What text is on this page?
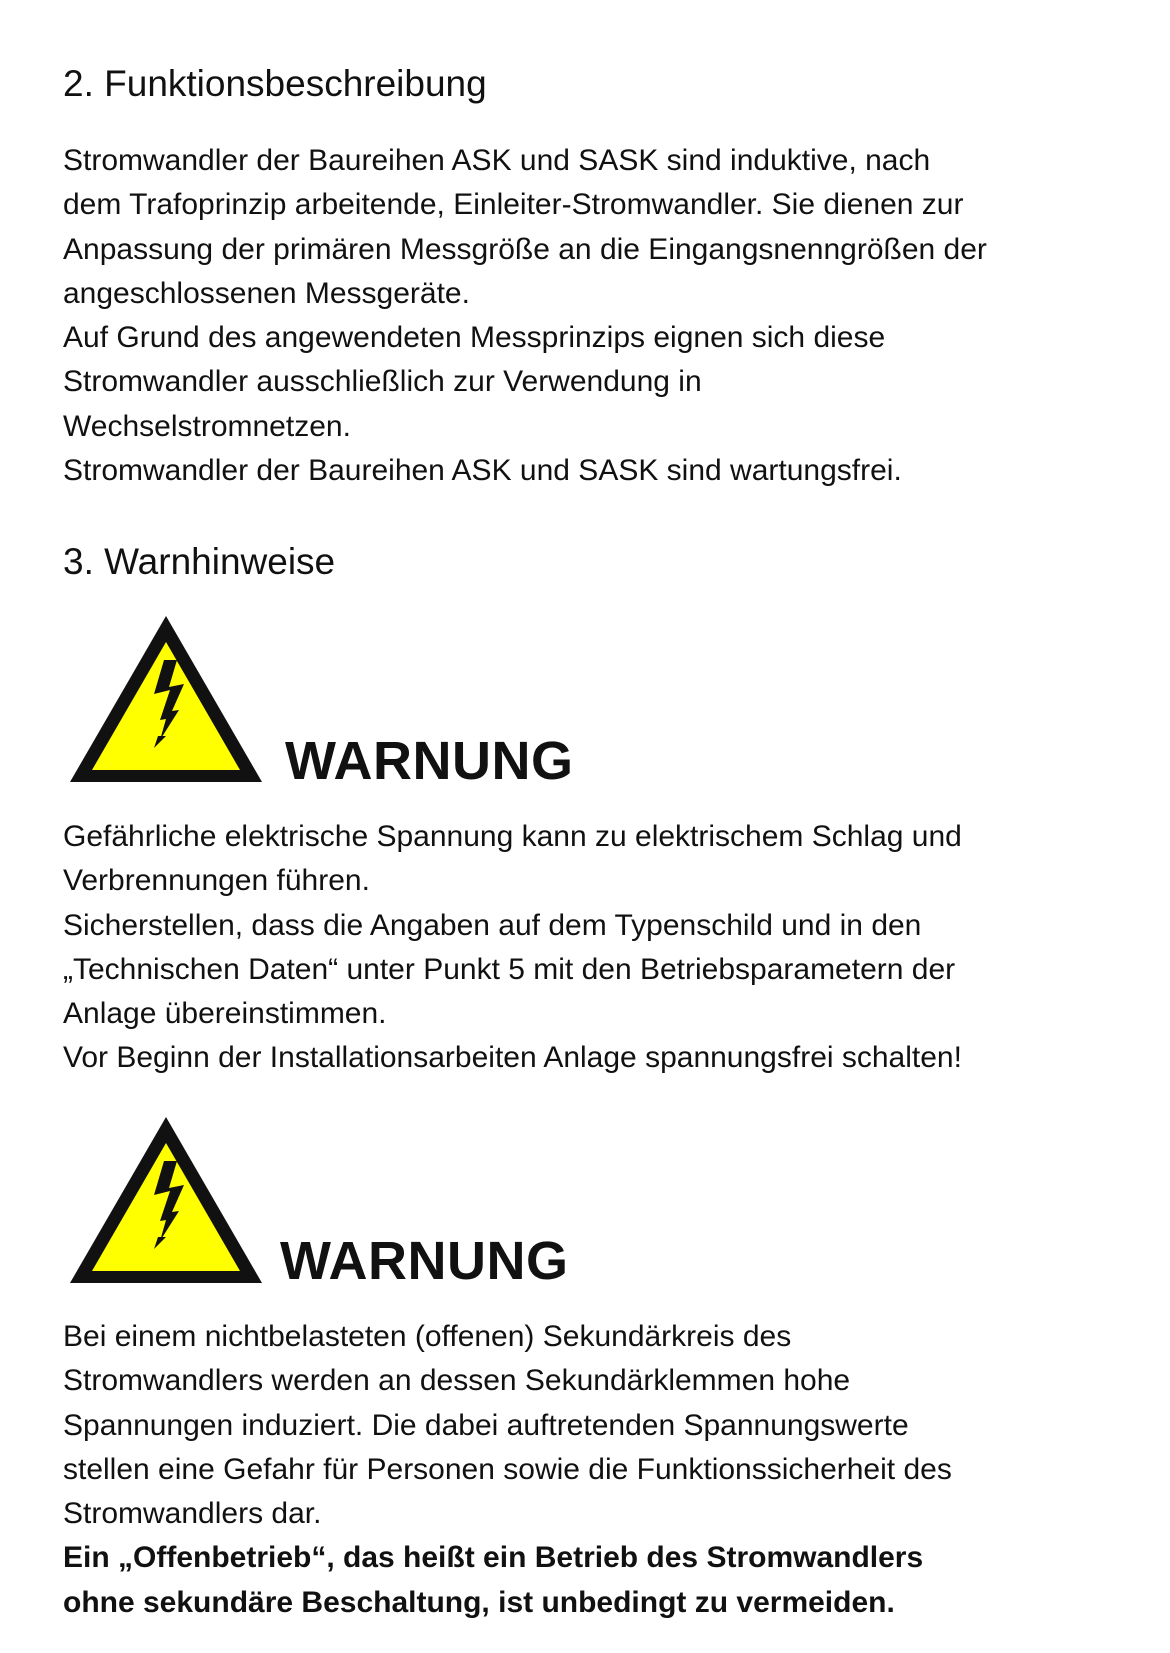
2. Funktionsbeschreibung
Stromwandler der Baureihen ASK und SASK sind induktive, nach
dem Trafoprinzip arbeitende, Einleiter-Stromwandler. Sie dienen zur
Anpassung der primären Messgröße an die Eingangsnenngrößen der
angeschlossenen Messgeräte.
Auf Grund des angewendeten Messprinzips eignen sich diese
Stromwandler ausschließlich zur Verwendung in
Wechselstromnetzen.
Stromwandler der Baureihen ASK und SASK sind wartungsfrei.
3. Warnhinweise
WARNUNG
Gefährliche elektrische Spannung kann zu elektrischem Schlag und
Verbrennungen führen.
Sicherstellen, dass die Angaben auf dem Typenschild und in den
„Technischen Daten“ unter Punkt 5 mit den Betriebsparametern der
Anlage übereinstimmen.
Vor Beginn der Installationsarbeiten Anlage spannungsfrei schalten!
WARNUNG
Bei einem nichtbelasteten (offenen) Sekundärkreis des
Stromwandlers werden an dessen Sekundärklemmen hohe
Spannungen induziert. Die dabei auftretenden Spannungswerte
stellen eine Gefahr für Personen sowie die Funktionssicherheit des
Stromwandlers dar.
Ein „Offenbetrieb“, das heißt ein Betrieb des Stromwandlers
ohne sekundäre Beschaltung, ist unbedingt zu vermeiden.
